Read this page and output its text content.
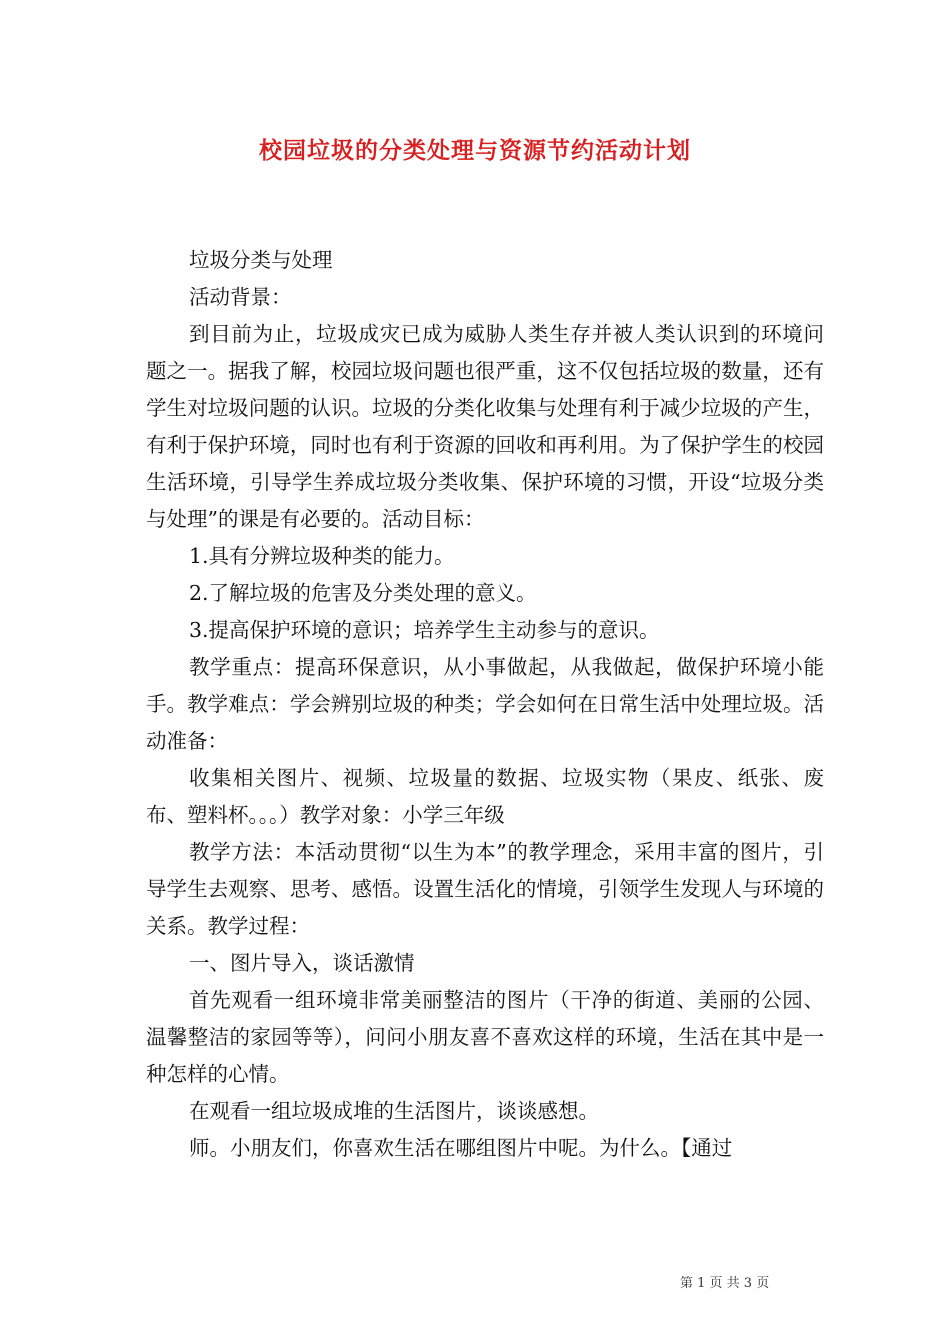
校园垃圾的分类处理与资源节约活动计划

垃圾分类与处理

活动背景：

到目前为止，垃圾成灾已成为威胁人类生存并被人类认识到的环境问题之一。据我了解，校园垃圾问题也很严重，这不仅包括垃圾的数量，还有学生对垃圾问题的认识。垃圾的分类化收集与处理有利于减少垃圾的产生，有利于保护环境，同时也有利于资源的回收和再利用。为了保护学生的校园生活环境，引导学生养成垃圾分类收集、保护环境的习惯，开设“垃圾分类与处理”的课是有必要的。活动目标：

1.具有分辨垃圾种类的能力。

2.了解垃圾的危害及分类处理的意义。

3.提高保护环境的意识；培养学生主动参与的意识。

教学重点：提高环保意识，从小事做起，从我做起，做保护环境小能手。教学难点：学会辨别垃圾的种类；学会如何在日常生活中处理垃圾。活动准备：

收集相关图片、视频、垃圾量的数据、垃圾实物（果皮、纸张、废布、塑料杯。。。）教学对象：小学三年级

教学方法：本活动贯彻“以生为本”的教学理念，采用丰富的图片，引导学生去观察、思考、感悟。设置生活化的情境，引领学生发现人与环境的关系。教学过程：

一、图片导入，谈话激情

首先观看一组环境非常美丽整洁的图片（干净的街道、美丽的公园、温馨整洁的家园等等），问问小朋友喜不喜欢这样的环境，生活在其中是一种怎样的心情。

在观看一组垃圾成堆的生活图片，谈谈感想。

师。小朋友们，你喜欢生活在哪组图片中呢。为什么。【通过

第 1 页 共 3 页
